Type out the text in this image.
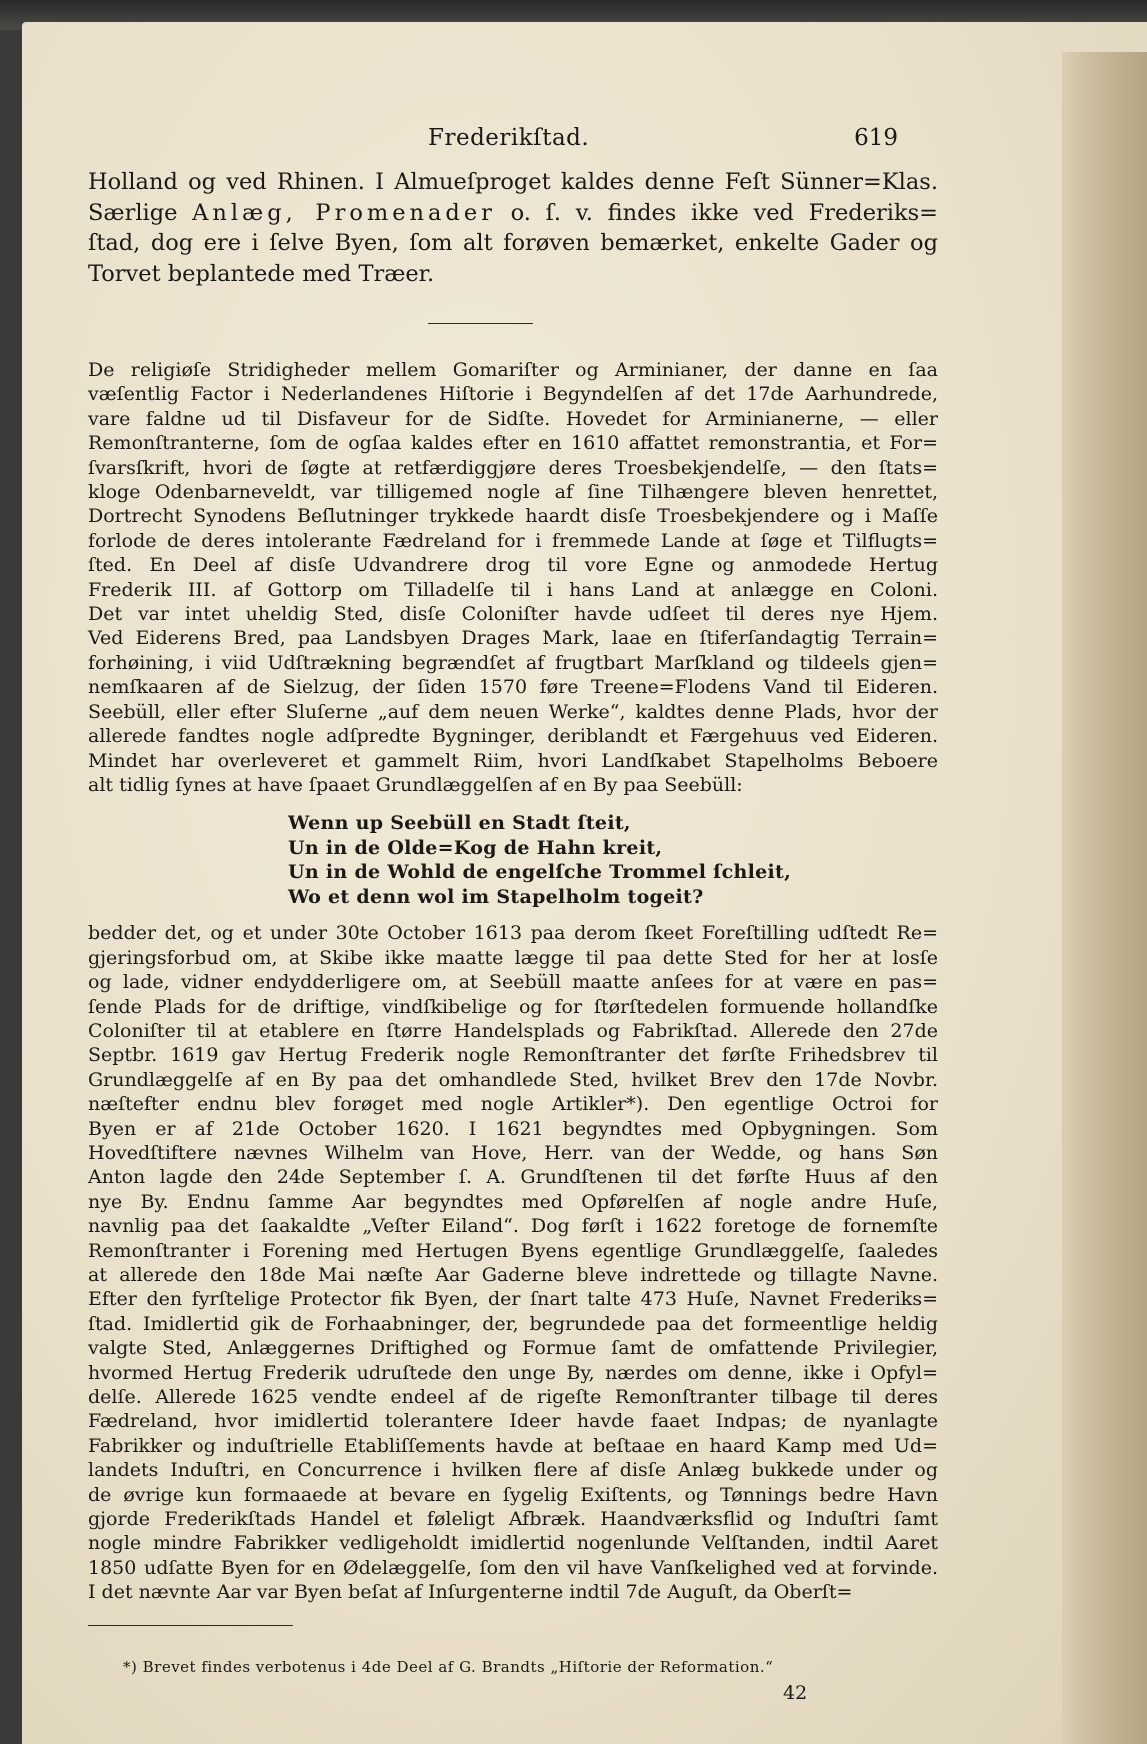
Frederikſtad.	619

Holland og ved Rhinen. I Almueſproget kaldes denne Feſt Sünner=Klas.

Særlige Anlæg, Promenader o. ſ. v. findes ikke ved Frederiks=

ſtad, dog ere i ſelve Byen, ſom alt forøven bemærket, enkelte Gader og

Torvet beplantede med Træer.

De religiøſe Stridigheder mellem Gomariſter og Arminianer, der danne en ſaa

væſentlig Factor i Nederlandenes Hiſtorie i Begyndelſen af det 17de Aarhundrede,

vare faldne ud til Disfaveur for de Sidſte. Hovedet for Arminianerne, — eller

Remonſtranterne, ſom de ogſaa kaldes efter en 1610 affattet remonstrantia, et For=

ſvarsſkrift, hvori de ſøgte at retfærdiggjøre deres Troesbekjendelſe, — den ſtats=

kloge Odenbarneveldt, var tilligemed nogle af ſine Tilhængere bleven henrettet,

Dortrecht Synodens Beſlutninger trykkede haardt disſe Troesbekjendere og i Maſſe

forlode de deres intolerante Fædreland for i fremmede Lande at ſøge et Tilflugts=

ſted. En Deel af disſe Udvandrere drog til vore Egne og anmodede Hertug

Frederik III. af Gottorp om Tilladelſe til i hans Land at anlægge en Coloni.

Det var intet uheldig Sted, disſe Coloniſter havde udſeet til deres nye Hjem.

Ved Eiderens Bred, paa Landsbyen Drages Mark, laae en ſtiferſandagtig Terrain=

forhøining, i viid Udſtrækning begrændſet af frugtbart Marſkland og tildeels gjen=

nemſkaaren af de Sielzug, der ſiden 1570 føre Treene=Flodens Vand til Eideren.

Seebüll, eller efter Sluſerne „auf dem neuen Werke“, kaldtes denne Plads, hvor der

allerede fandtes nogle adſpredte Bygninger, deriblandt et Færgehuus ved Eideren.

Mindet har overleveret et gammelt Riim, hvori Landſkabet Stapelholms Beboere

alt tidlig ſynes at have ſpaaet Grundlæggelſen af en By paa Seebüll:

Wenn up Seebüll en Stadt ſteit,
Un in de Olde=Kog de Hahn kreit,
Un in de Wohld de engelſche Trommel ſchleit,
Wo et denn wol im Stapelholm togeit?

bedder det, og et under 30te October 1613 paa derom ſkeet Foreſtilling udſtedt Re=

gjeringsforbud om, at Skibe ikke maatte lægge til paa dette Sted for her at losſe

og lade, vidner endydderligere om, at Seebüll maatte anſees for at være en pas=

ſende Plads for de driftige, vindſkibelige og for ſtørſtedelen formuende hollandſke

Coloniſter til at etablere en ſtørre Handelsplads og Fabrikſtad. Allerede den 27de

Septbr. 1619 gav Hertug Frederik nogle Remonſtranter det førſte Frihedsbrev til

Grundlæggelſe af en By paa det omhandlede Sted, hvilket Brev den 17de Novbr.

næſtefter endnu blev forøget med nogle Artikler*). Den egentlige Octroi for

Byen er af 21de October 1620. I 1621 begyndtes med Opbygningen. Som

Hovedſtiftere nævnes Wilhelm van Hove, Herr. van der Wedde, og hans Søn

Anton lagde den 24de September ſ. A. Grundſtenen til det førſte Huus af den

nye By. Endnu ſamme Aar begyndtes med Opførelſen af nogle andre Huſe,

navnlig paa det ſaakaldte „Veſter Eiland“. Dog førſt i 1622 foretoge de fornemſte

Remonſtranter i Forening med Hertugen Byens egentlige Grundlæggelſe, ſaaledes

at allerede den 18de Mai næſte Aar Gaderne bleve indrettede og tillagte Navne.

Efter den fyrſtelige Protector fik Byen, der ſnart talte 473 Huſe, Navnet Frederiks=

ſtad. Imidlertid gik de Forhaabninger, der, begrundede paa det formeentlige heldig

valgte Sted, Anlæggernes Driftighed og Formue ſamt de omfattende Privilegier,

hvormed Hertug Frederik udruſtede den unge By, nærdes om denne, ikke i Opfyl=

delſe. Allerede 1625 vendte endeel af de rigeſte Remonſtranter tilbage til deres

Fædreland, hvor imidlertid tolerantere Ideer havde faaet Indpas; de nyanlagte

Fabrikker og induſtrielle Etabliſſements havde at beſtaae en haard Kamp med Ud=

landets Induſtri, en Concurrence i hvilken flere af disſe Anlæg bukkede under og

de øvrige kun formaaede at bevare en ſygelig Exiſtents, og Tønnings bedre Havn

gjorde Frederikſtads Handel et føleligt Afbræk. Haandværksflid og Induſtri ſamt

nogle mindre Fabrikker vedligeholdt imidlertid nogenlunde Velſtanden, indtil Aaret

1850 udſatte Byen for en Ødelæggelſe, ſom den vil have Vanſkelighed ved at forvinde.

I det nævnte Aar var Byen beſat af Inſurgenterne indtil 7de Auguſt, da Oberſt=

*) Brevet findes verbotenus i 4de Deel af G. Brandts „Hiſtorie der Reformation.“
42
